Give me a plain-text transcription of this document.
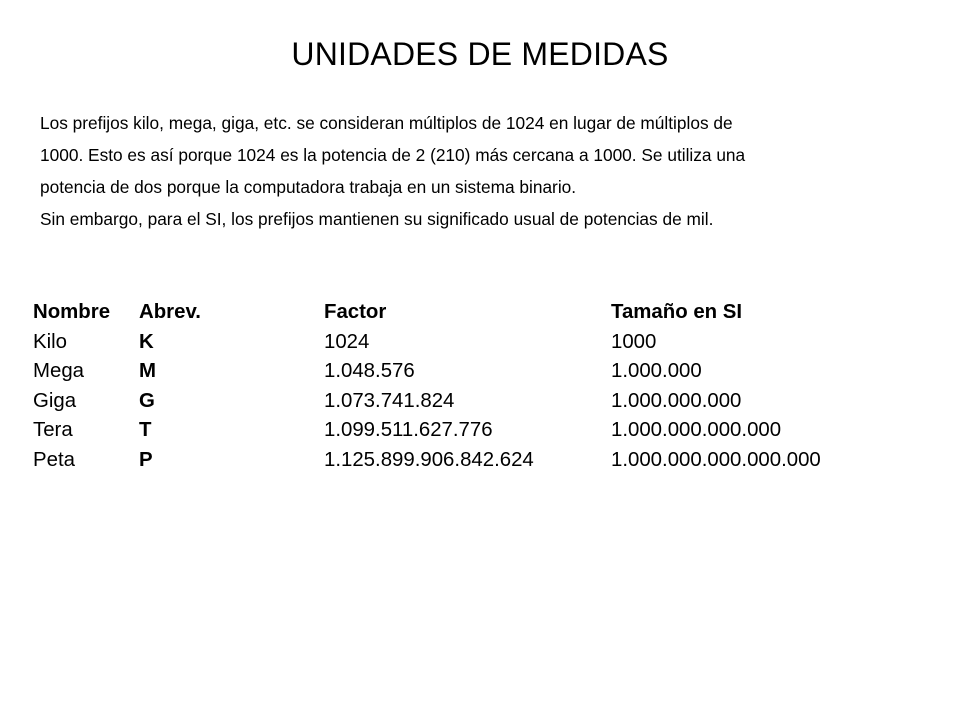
UNIDADES DE MEDIDAS

Los prefijos kilo, mega, giga, etc. se consideran múltiplos de 1024 en lugar de múltiplos de

1000. Esto es así porque 1024 es la potencia de 2 (210) más cercana a 1000. Se utiliza una

potencia de dos porque la computadora trabaja en un sistema binario.

Sin embargo, para el SI, los prefijos mantienen su significado usual de potencias de mil.

Nombre	Abrev.	Factor	Tamaño en SI
Kilo	K	1024	1000
Mega	M	1.048.576	1.000.000
Giga	G	1.073.741.824	1.000.000.000
Tera	T	1.099.511.627.776	1.000.000.000.000
Peta	P	1.125.899.906.842.624	1.000.000.000.000.000
